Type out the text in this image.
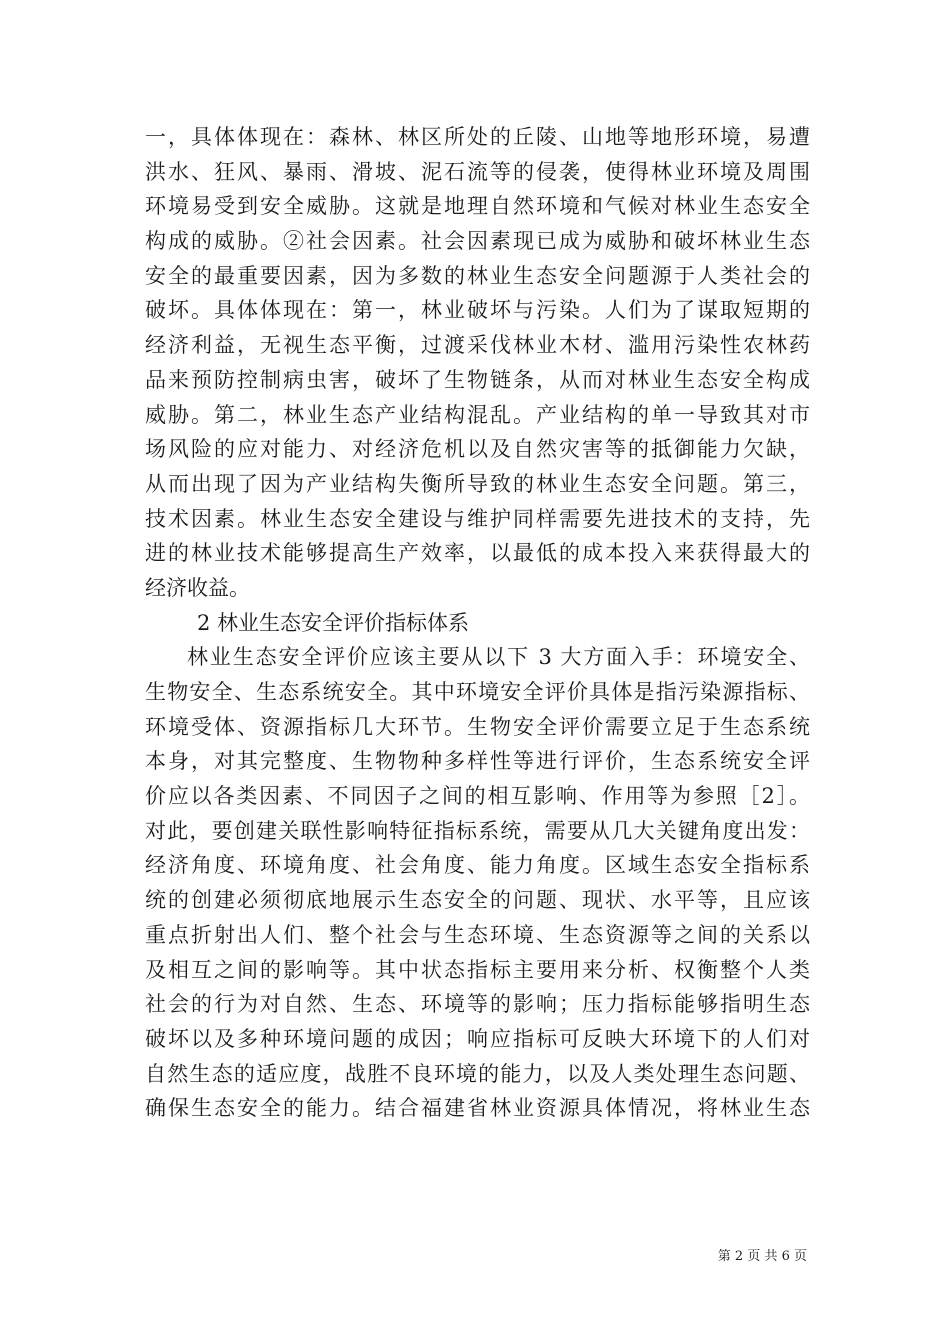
一，具体体现在：森林、林区所处的丘陵、山地等地形环境，易遭
洪水、狂风、暴雨、滑坡、泥石流等的侵袭，使得林业环境及周围
环境易受到安全威胁。这就是地理自然环境和气候对林业生态安全
构成的威胁。②社会因素。社会因素现已成为威胁和破坏林业生态
安全的最重要因素，因为多数的林业生态安全问题源于人类社会的
破坏。具体体现在：第一，林业破坏与污染。人们为了谋取短期的
经济利益，无视生态平衡，过渡采伐林业木材、滥用污染性农林药
品来预防控制病虫害，破坏了生物链条，从而对林业生态安全构成
威胁。第二，林业生态产业结构混乱。产业结构的单一导致其对市
场风险的应对能力、对经济危机以及自然灾害等的抵御能力欠缺，
从而出现了因为产业结构失衡所导致的林业生态安全问题。第三，
技术因素。林业生态安全建设与维护同样需要先进技术的支持，先
进的林业技术能够提高生产效率，以最低的成本投入来获得最大的
经济收益。
2 林业生态安全评价指标体系
林业生态安全评价应该主要从以下 3 大方面入手：环境安全、
生物安全、生态系统安全。其中环境安全评价具体是指污染源指标、
环境受体、资源指标几大环节。生物安全评价需要立足于生态系统
本身，对其完整度、生物物种多样性等进行评价，生态系统安全评
价应以各类因素、不同因子之间的相互影响、作用等为参照［2］。
对此，要创建关联性影响特征指标系统，需要从几大关键角度出发：
经济角度、环境角度、社会角度、能力角度。区域生态安全指标系
统的创建必须彻底地展示生态安全的问题、现状、水平等，且应该
重点折射出人们、整个社会与生态环境、生态资源等之间的关系以
及相互之间的影响等。其中状态指标主要用来分析、权衡整个人类
社会的行为对自然、生态、环境等的影响；压力指标能够指明生态
破坏以及多种环境问题的成因；响应指标可反映大环境下的人们对
自然生态的适应度，战胜不良环境的能力，以及人类处理生态问题、
确保生态安全的能力。结合福建省林业资源具体情况，将林业生态
第 2 页 共 6 页
